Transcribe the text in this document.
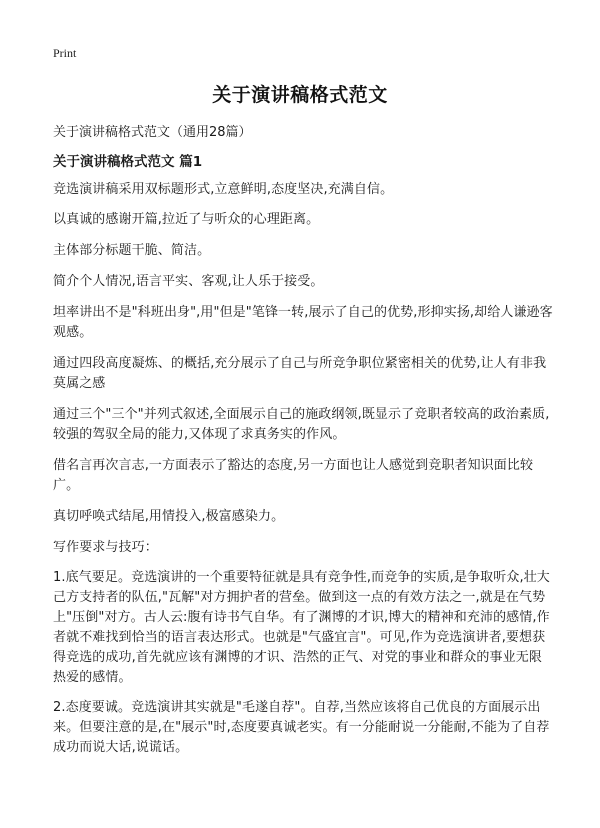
Print
关于演讲稿格式范文

关于演讲稿格式范文（通用28篇）

关于演讲稿格式范文 篇1

竞选演讲稿采用双标题形式,立意鲜明,态度坚决,充满自信。

以真诚的感谢开篇,拉近了与听众的心理距离。

主体部分标题干脆、简洁。

简介个人情况,语言平实、客观,让人乐于接受。

坦率讲出不是"科班出身",用"但是"笔锋一转,展示了自己的优势,形抑实扬,却给人谦逊客观感。

通过四段高度凝炼、的概括,充分展示了自己与所竞争职位紧密相关的优势,让人有非我莫属之感

通过三个"三个"并列式叙述,全面展示自己的施政纲领,既显示了竞职者较高的政治素质,较强的驾驭全局的能力,又体现了求真务实的作风。

借名言再次言志,一方面表示了豁达的态度,另一方面也让人感觉到竞职者知识面比较广。

真切呼唤式结尾,用情投入,极富感染力。

写作要求与技巧：

1.底气要足。竞选演讲的一个重要特征就是具有竞争性,而竞争的实质,是争取听众,壮大己方支持者的队伍,"瓦解"对方拥护者的营垒。做到这一点的有效方法之一,就是在气势上"压倒"对方。古人云:腹有诗书气自华。有了渊博的才识,博大的精神和充沛的感情,作者就不难找到恰当的语言表达形式。也就是"气盛宜言"。可见,作为竞选演讲者,要想获得竞选的成功,首先就应该有渊博的才识、浩然的正气、对党的事业和群众的事业无限热爱的感情。

2.态度要诚。竞选演讲其实就是"毛遂自荐"。自荐,当然应该将自己优良的方面展示出来。但要注意的是,在"展示"时,态度要真诚老实。有一分能耐说一分能耐,不能为了自荐成功而说大话,说谎话。
